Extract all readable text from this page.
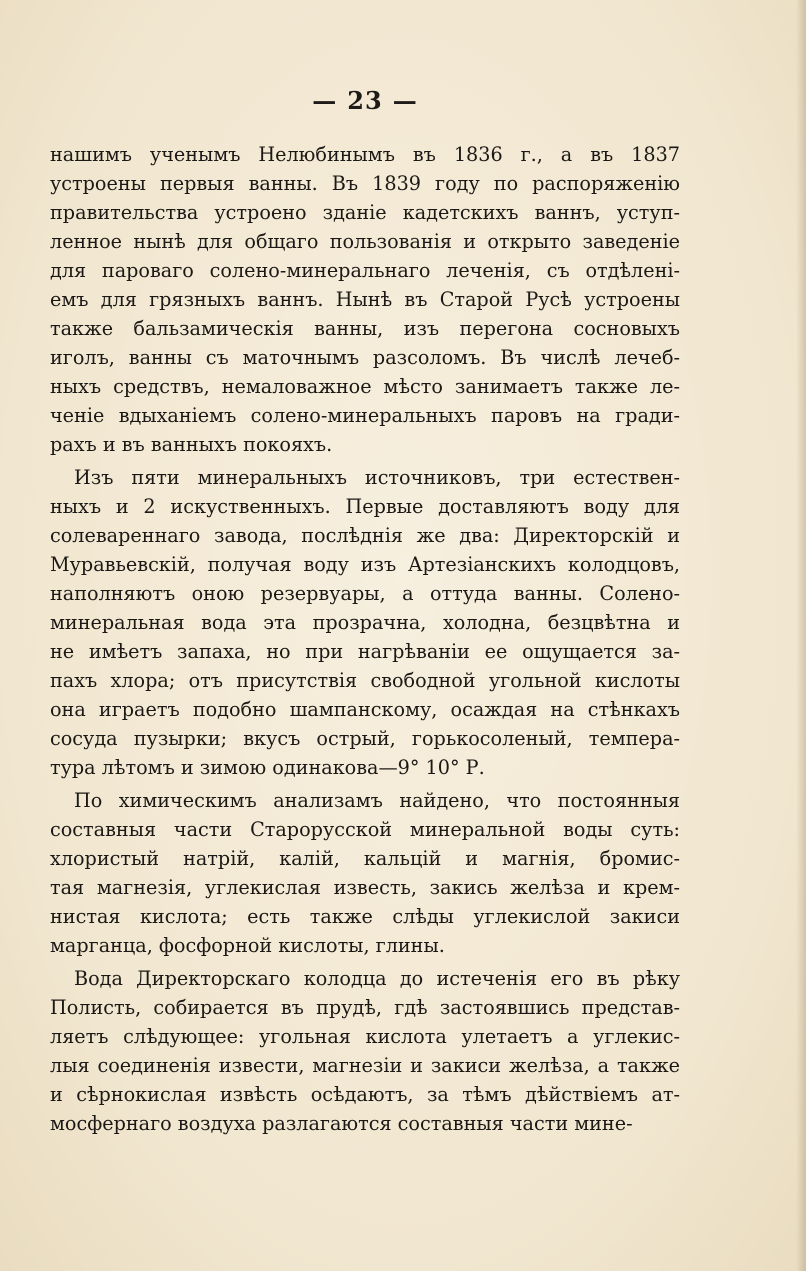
— 23 —
нашимъ ученымъ Нелюбинымъ въ 1836 г., а въ 1837
устроены первыя ванны. Въ 1839 году по распоряженію
правительства устроено зданіе кадетскихъ ваннъ, уступ-
ленное нынѣ для общаго пользованія и открыто заведеніе
для пароваго солено-минеральнаго леченія, съ отдѣлені-
емъ для грязныхъ ваннъ. Нынѣ въ Старой Русѣ устроены
также бальзамическія ванны, изъ перегона сосновыхъ
иголъ, ванны съ маточнымъ разсоломъ. Въ числѣ лечеб-
ныхъ средствъ, немаловажное мѣсто занимаетъ также ле-
ченіе вдыханіемъ солено-минеральныхъ паровъ на гради-
рахъ и въ ванныхъ покояхъ.
Изъ пяти минеральныхъ источниковъ, три естествен-
ныхъ и 2 искуственныхъ. Первые доставляютъ воду для
солевареннаго завода, послѣднія же два: Директорскій и
Муравьевскій, получая воду изъ Артезіанскихъ колодцовъ,
наполняютъ оною резервуары, а оттуда ванны. Солено-
минеральная вода эта прозрачна, холодна, безцвѣтна и
не имѣетъ запаха, но при нагрѣваніи ее ощущается за-
пахъ хлора; отъ присутствія свободной угольной кислоты
она играетъ подобно шампанскому, осаждая на стѣнкахъ
сосуда пузырки; вкусъ острый, горькосоленый, темпера-
тура лѣтомъ и зимою одинакова—9° 10° Р.
По химическимъ анализамъ найдено, что постоянныя
составныя части Старорусской минеральной воды суть:
хлористый натрій, калій, кальцій и магнія, бромис-
тая магнезія, углекислая известь, закись желѣза и крем-
нистая кислота; есть также слѣды углекислой закиси
марганца, фосфорной кислоты, глины.
Вода Директорскаго колодца до истеченія его въ рѣку
Полисть, собирается въ прудѣ, гдѣ застоявшись представ-
ляетъ слѣдующее: угольная кислота улетаетъ а углекис-
лыя соединенія извести, магнезіи и закиси желѣза, а также
и сѣрнокислая извѣсть осѣдаютъ, за тѣмъ дѣйствіемъ ат-
мосфернаго воздуха разлагаются составныя части мине-
